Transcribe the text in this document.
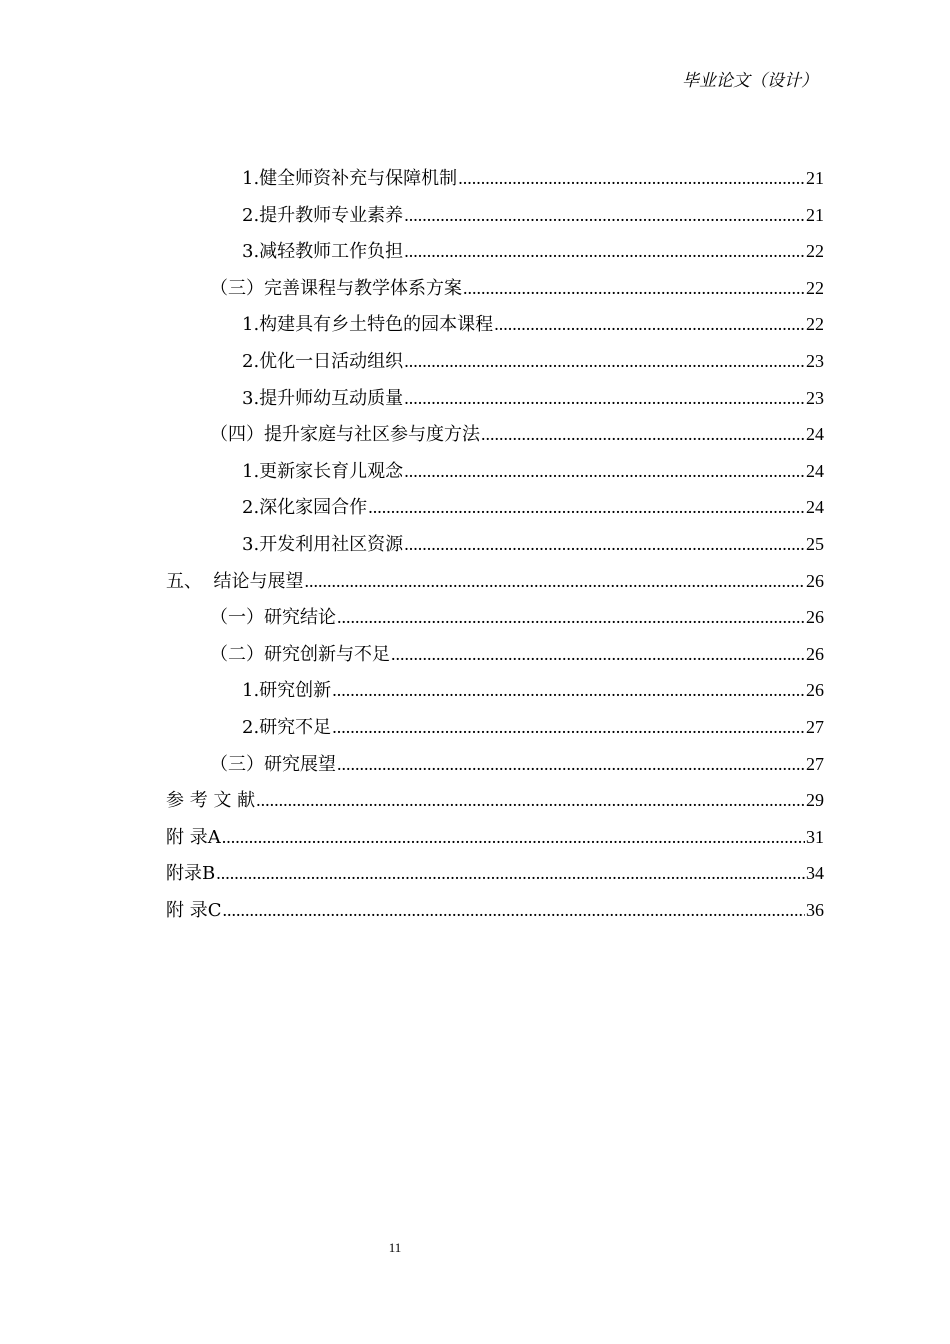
毕业论文（设计）
1.健全师资补充与保障机制 .....	21
2.提升教师专业素养 .....	21
3.减轻教师工作负担 .....	22
（三）完善课程与教学体系方案 .....	22
1.构建具有乡土特色的园本课程 .....	22
2.优化一日活动组织 .....	23
3.提升师幼互动质量 .....	23
（四）提升家庭与社区参与度方法 .....	24
1.更新家长育儿观念 .....	24
2.深化家园合作 .....	24
3.开发利用社区资源 .....	25
五、  结论与展望 .....	26
（一）研究结论 .....	26
（二）研究创新与不足 .....	26
1.研究创新 .....	26
2.研究不足 .....	27
（三）研究展望 .....	27
参 考 文 献 .....	29
附 录A .....	31
附录B .....	34
附 录C .....	36
11
